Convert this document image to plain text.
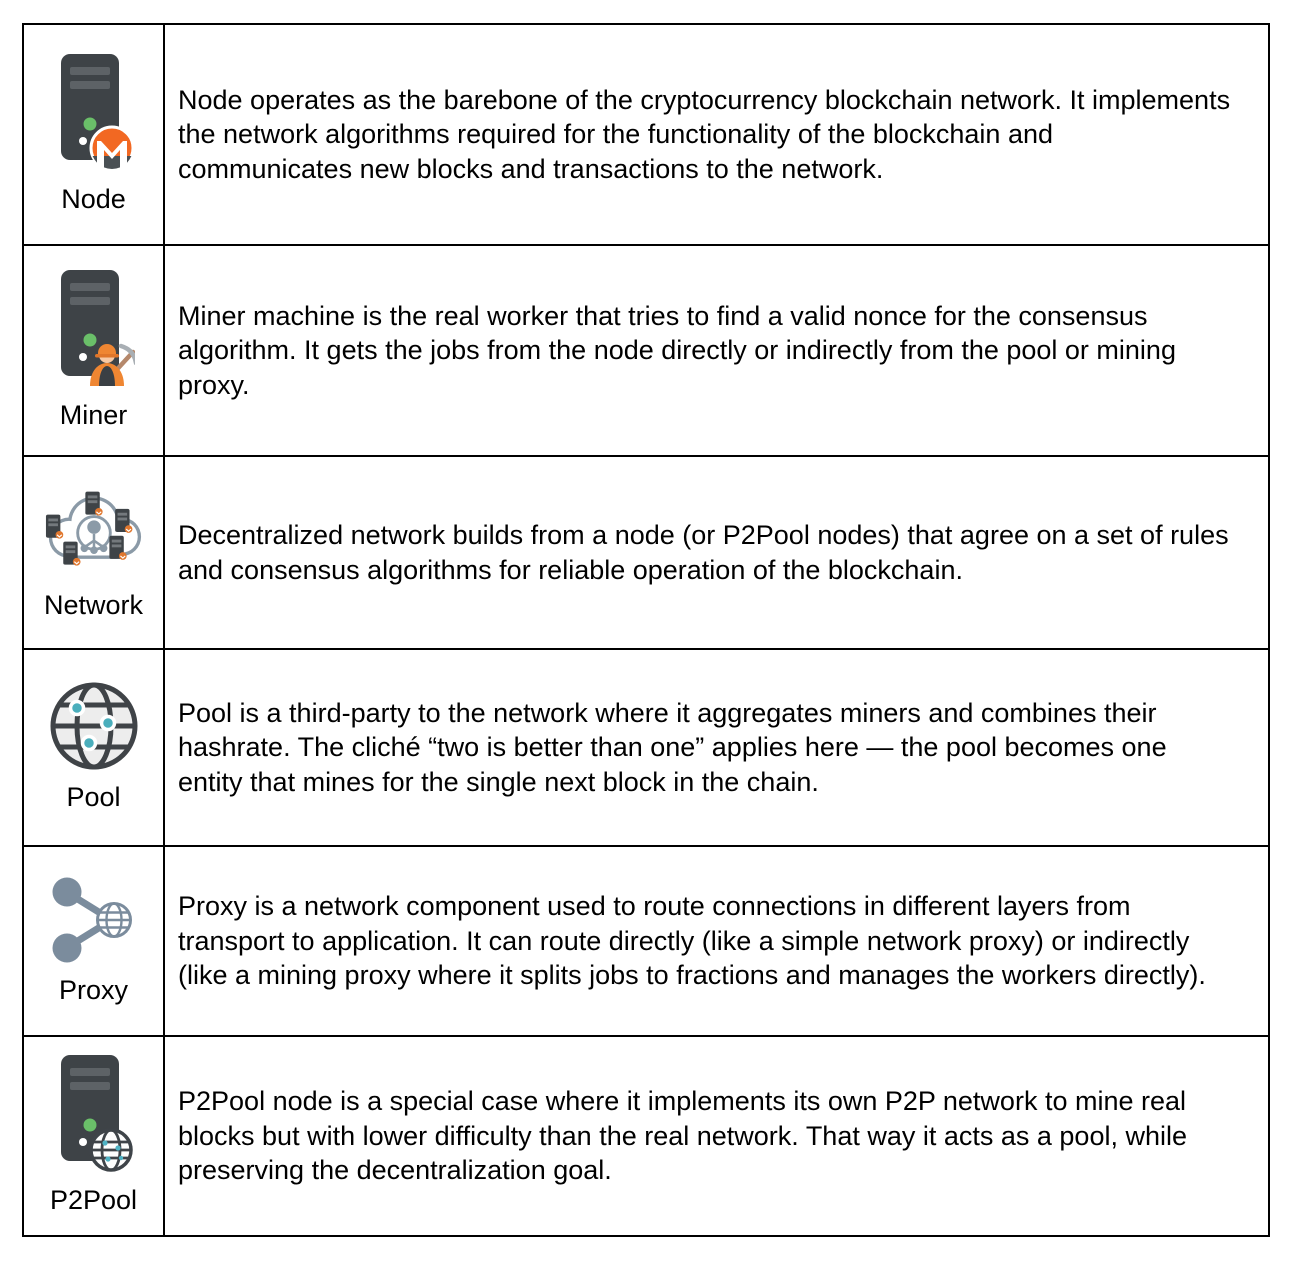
Node

Node operates as the barebone of the cryptocurrency blockchain network. It implements the network algorithms required for the functionality of the blockchain and communicates new blocks and transactions to the network.

Miner

Miner machine is the real worker that tries to find a valid nonce for the consensus algorithm. It gets the jobs from the node directly or indirectly from the pool or mining proxy.

Network

Decentralized network builds from a node (or P2Pool nodes) that agree on a set of rules and consensus algorithms for reliable operation of the blockchain.

Pool

Pool is a third-party to the network where it aggregates miners and combines their hashrate. The cliché “two is better than one” applies here — the pool becomes one entity that mines for the single next block in the chain.

Proxy

Proxy is a network component used to route connections in different layers from transport to application. It can route directly (like a simple network proxy) or indirectly (like a mining proxy where it splits jobs to fractions and manages the workers directly).

P2Pool

P2Pool node is a special case where it implements its own P2P network to mine real blocks but with lower difficulty than the real network. That way it acts as a pool, while preserving the decentralization goal.
